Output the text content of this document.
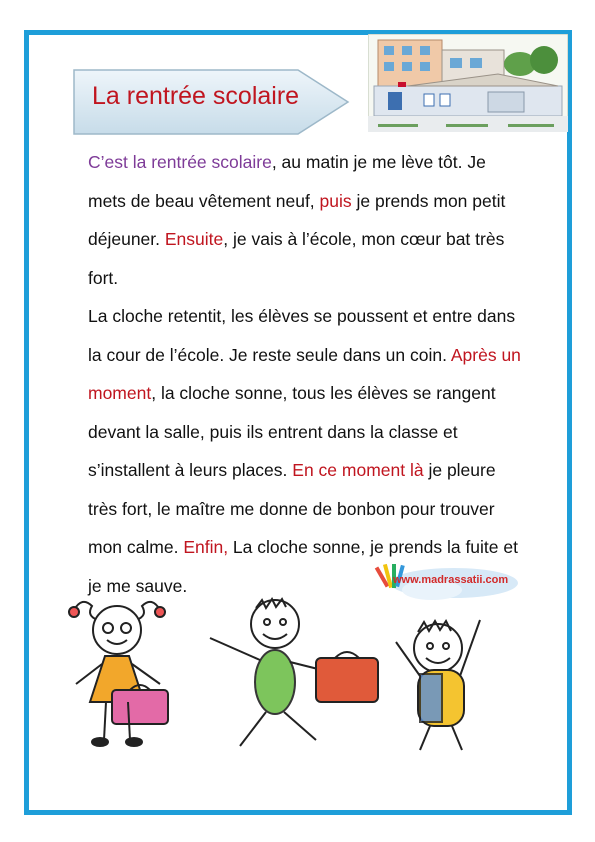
La rentrée scolaire

C’est la rentrée scolaire, au matin je me lève tôt. Je mets de beau vêtement neuf, puis je prends mon petit déjeuner. Ensuite, je vais à l’école, mon cœur bat très fort.

La cloche retentit, les élèves se poussent et entre dans la cour de l’école. Je reste seule dans un coin. Après un moment, la cloche sonne, tous les élèves se rangent devant la salle, puis ils entrent dans la classe et s’installent à leurs places. En ce moment là je pleure très fort, le maître me donne de bonbon pour trouver mon calme. Enfin, La cloche sonne, je prends la fuite et je me sauve.	www.madrassatii.com
